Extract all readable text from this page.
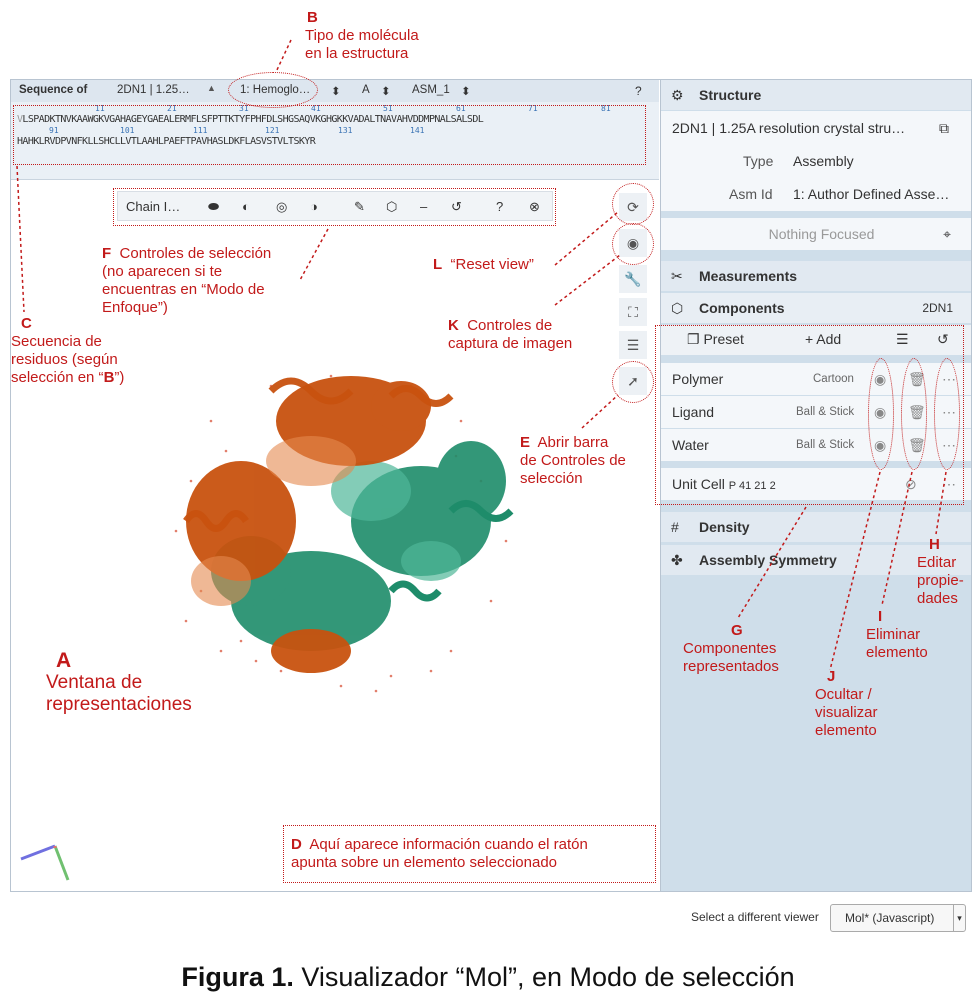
Sequence of	2DN1 | 1.25… ▲ 1: Hemoglo…	A	ASM_1
⬍	⬍	⬍	?
11	21	31	41	51	61	71	81
VLSPADKTNVKAAWGKVGAHAGEYGAEALERMFLSFPTTKTYFPHFDLSHGSAQVKGHGKKVADALTNAVAHVDDMPNALSALSDL
91	101	111	121	131	141
HAHKLRVDPVNFKLLSHCLLVTLAAHLPAEFTPAVHASLDKFLASVSTVLTSKYR
Chain I… ⬬ ◐ ◎ ◑	✎ ⬡ – ↺	? ⊗	⟳
◉
🔧
⛶
☰
➚
⚙ Structure
2DN1 | 1.25A resolution crystal stru… ⧉
Type Assembly
Asm Id 1: Author Defined Asse…
Nothing Focused	⌖
✂ Measurements
⬡ Components	2DN1
❐ Preset	+ Add	☰ ↺
Polymer	Cartoon ◉ 🗑 ⋯
Ligand	Ball & Stick ◉ 🗑 ⋯
Water	Ball & Stick ◉ 🗑 ⋯
Unit Cell P 41 21 2	⊘ ⋯
# Density
✤ Assembly Symmetry
Select a different viewer	Mol* (Javascript)	▾
B
Tipo de molécula
en la estructura
C
Secuencia de
residuos (según
selección en “B”)
F Controles de selección
(no aparecen si te
encuentras en “Modo de
Enfoque”)
L “Reset view”
K Controles de
captura de imagen
E Abrir barra
de Controles de
selección
A
Ventana de
representaciones
D Aquí aparece información cuando el ratón
apunta sobre un elemento seleccionado
G
Componentes
representados
H
Editar
propie-
dades
I
Eliminar
elemento
J
Ocultar /
visualizar
elemento
Figura 1. Visualizador “Mol”, en Modo de selección
